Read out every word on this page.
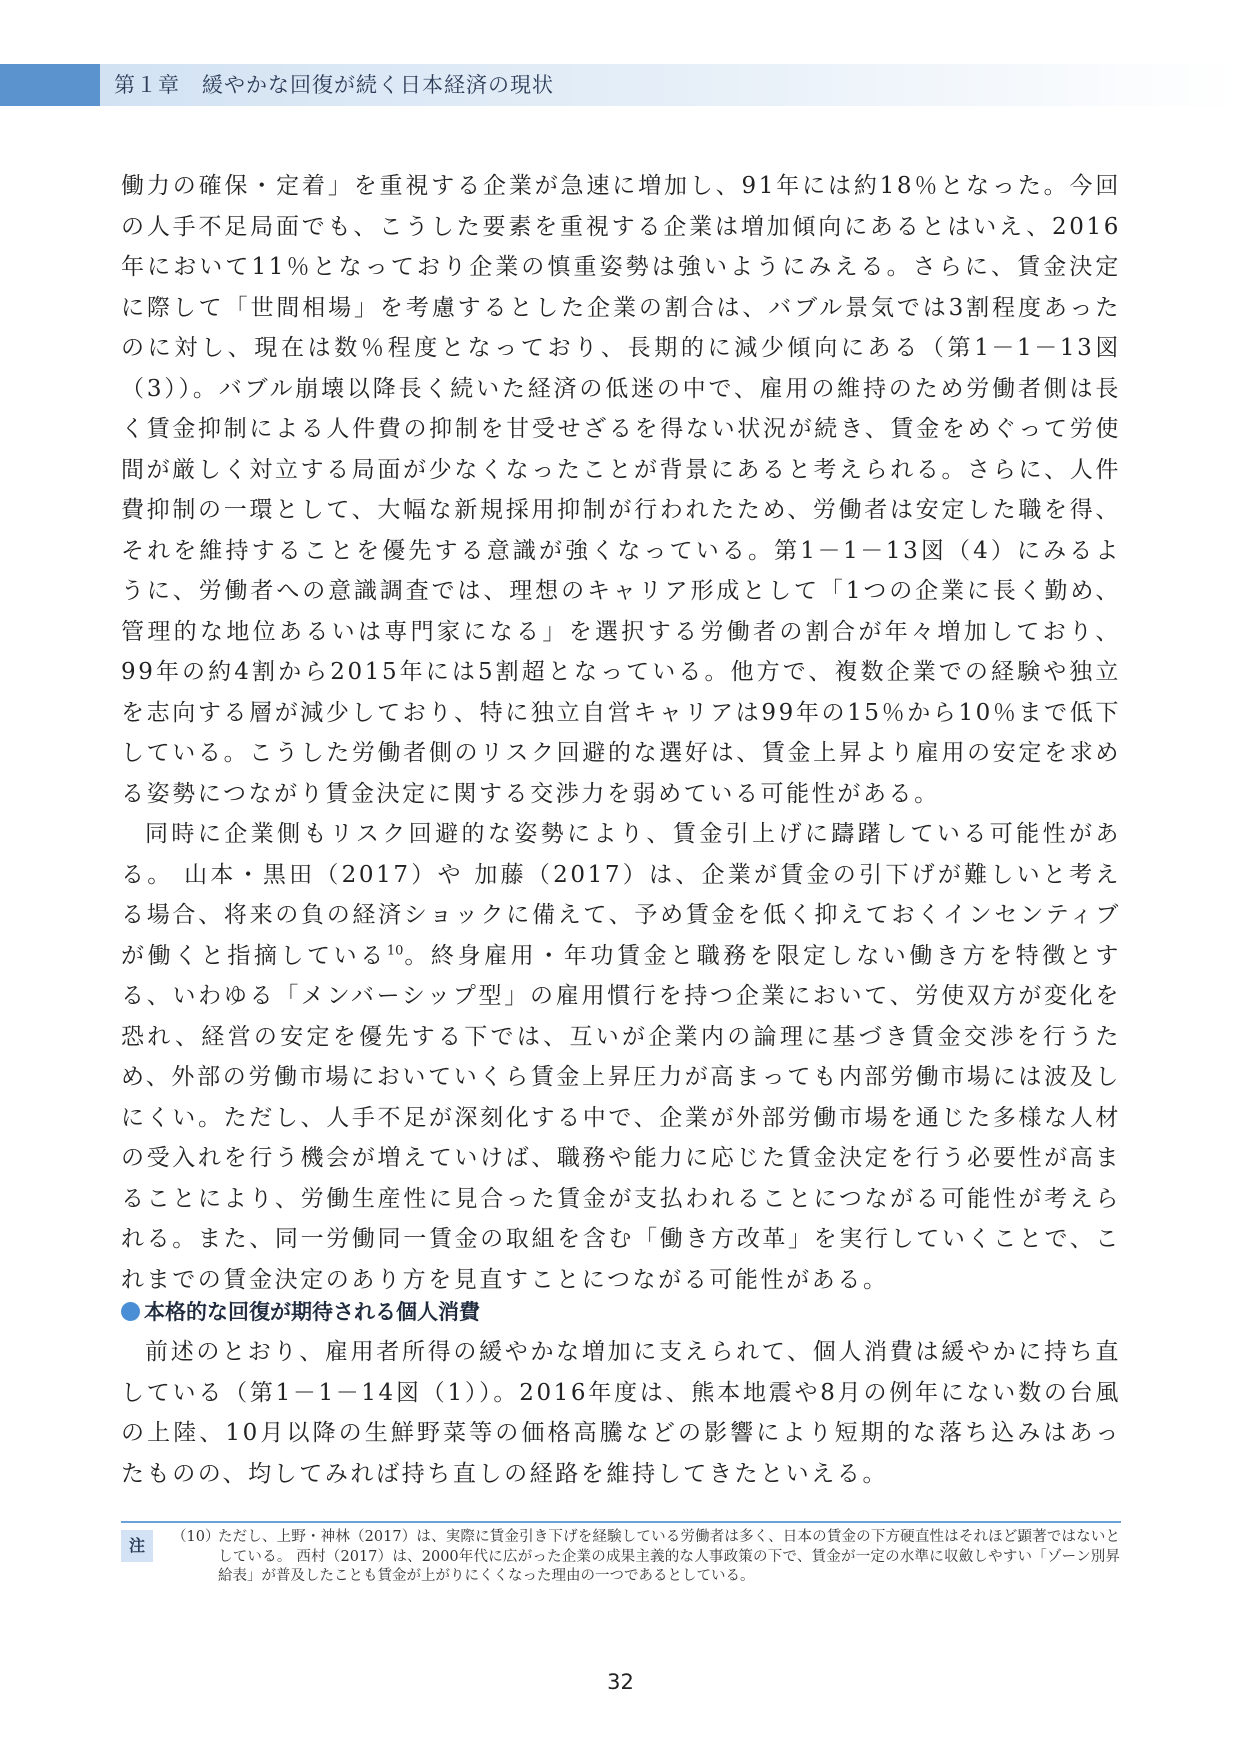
第１章　緩やかな回復が続く日本経済の現状

働力の確保・定着」を重視する企業が急速に増加し、91年には約18％となった。今回の人手不足局面でも、こうした要素を重視する企業は増加傾向にあるとはいえ、2016年において11％となっており企業の慎重姿勢は強いようにみえる。さらに、賃金決定に際して「世間相場」を考慮するとした企業の割合は、バブル景気では3割程度あったのに対し、現在は数％程度となっており、長期的に減少傾向にある（第1－1－13図（3））。バブル崩壊以降長く続いた経済の低迷の中で、雇用の維持のため労働者側は長く賃金抑制による人件費の抑制を甘受せざるを得ない状況が続き、賃金をめぐって労使間が厳しく対立する局面が少なくなったことが背景にあると考えられる。さらに、人件費抑制の一環として、大幅な新規採用抑制が行われたため、労働者は安定した職を得、それを維持することを優先する意識が強くなっている。第1－1－13図（4）にみるように、労働者への意識調査では、理想のキャリア形成として「1つの企業に長く勤め、管理的な地位あるいは専門家になる」を選択する労働者の割合が年々増加しており、99年の約4割から2015年には5割超となっている。他方で、複数企業での経験や独立を志向する層が減少しており、特に独立自営キャリアは99年の15％から10％まで低下している。こうした労働者側のリスク回避的な選好は、賃金上昇より雇用の安定を求める姿勢につながり賃金決定に関する交渉力を弱めている可能性がある。

同時に企業側もリスク回避的な姿勢により、賃金引上げに躊躇している可能性がある。 山本・黒田（2017）や 加藤（2017）は、企業が賃金の引下げが難しいと考える場合、将来の負の経済ショックに備えて、予め賃金を低く抑えておくインセンティブが働くと指摘している$^{10}$。終身雇用・年功賃金と職務を限定しない働き方を特徴とする、いわゆる「メンバーシップ型」の雇用慣行を持つ企業において、労使双方が変化を恐れ、経営の安定を優先する下では、互いが企業内の論理に基づき賃金交渉を行うため、外部の労働市場においていくら賃金上昇圧力が高まっても内部労働市場には波及しにくい。ただし、人手不足が深刻化する中で、企業が外部労働市場を通じた多様な人材の受入れを行う機会が増えていけば、職務や能力に応じた賃金決定を行う必要性が高まることにより、労働生産性に見合った賃金が支払われることにつながる可能性が考えられる。また、同一労働同一賃金の取組を含む「働き方改革」を実行していくことで、これまでの賃金決定のあり方を見直すことにつながる可能性がある。

本格的な回復が期待される個人消費

前述のとおり、雇用者所得の緩やかな増加に支えられて、個人消費は緩やかに持ち直している（第1－1－14図（1））。2016年度は、熊本地震や8月の例年にない数の台風の上陸、10月以降の生鮮野菜等の価格高騰などの影響により短期的な落ち込みはあったものの、均してみれば持ち直しの経路を維持してきたといえる。

注	（10）
ただし、上野・神林（2017）は、実際に賃金引き下げを経験している労働者は多く、日本の賃金の下方硬直性はそれほど顕著ではないとしている。 西村（2017）は、2000年代に広がった企業の成果主義的な人事政策の下で、賃金が一定の水準に収斂しやすい「ゾーン別昇給表」が普及したことも賃金が上がりにくくなった理由の一つであるとしている。
32
